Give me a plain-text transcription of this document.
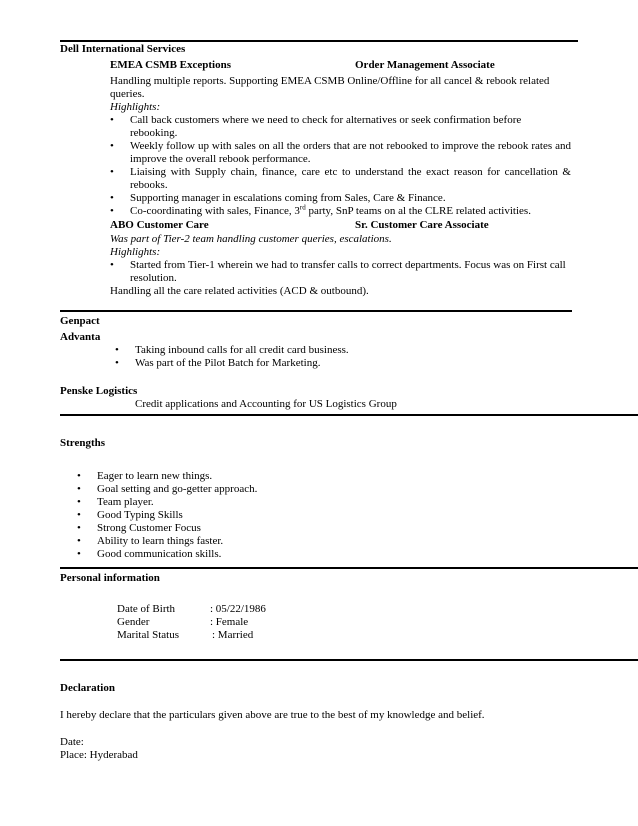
Dell International Services
EMEA CSMB Exceptions	Order Management Associate
Handling multiple reports. Supporting EMEA CSMB Online/Offline for all cancel & rebook related queries.
Highlights:
• Call back customers where we need to check for alternatives or seek confirmation before rebooking.
• Weekly follow up with sales on all the orders that are not rebooked to improve the rebook rates and improve the overall rebook performance.
• Liaising with Supply chain, finance, care etc to understand the exact reason for cancellation & rebooks.
• Supporting manager in escalations coming from Sales, Care & Finance.
• Co-coordinating with sales, Finance, 3rd party, SnP teams on al the CLRE related activities.
ABO Customer Care	Sr. Customer Care Associate
Was part of Tier-2 team handling customer queries, escalations.
Highlights:
• Started from Tier-1 wherein we had to transfer calls to correct departments. Focus was on First call resolution.
Handling all the care related activities (ACD & outbound).
Genpact
Advanta
• Taking inbound calls for all credit card business.
• Was part of the Pilot Batch for Marketing.
Penske Logistics
Credit applications and Accounting for US Logistics Group
Strengths
• Eager to learn new things.
• Goal setting and go-getter approach.
• Team player.
• Good Typing Skills
• Strong Customer Focus
• Ability to learn things faster.
• Good communication skills.
Personal information
Date of Birth	: 05/22/1986
Gender	: Female
Marital Status	: Married
Declaration
I hereby declare that the particulars given above are true to the best of my knowledge and belief.
Date:
Place: Hyderabad
